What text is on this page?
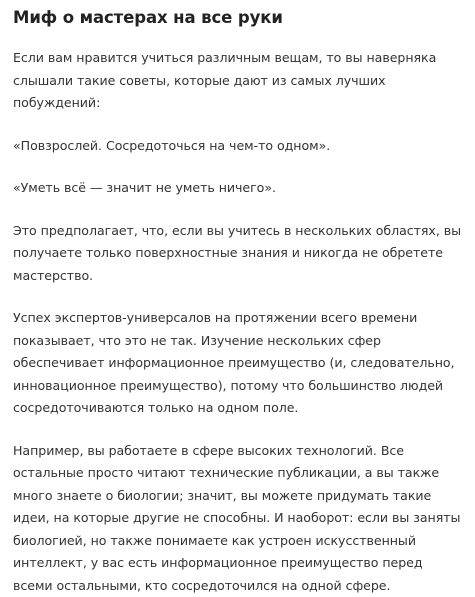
Миф о мастерах на все руки

Если вам нравится учиться различным вещам, то вы наверняка слышали такие советы, которые дают из самых лучших побуждений:

«Повзрослей. Сосредоточься на чем-то одном».

«Уметь всё — значит не уметь ничего».

Это предполагает, что, если вы учитесь в нескольких областях, вы получаете только поверхностные знания и никогда не обретете мастерство.

Успех экспертов-универсалов на протяжении всего времени показывает, что это не так. Изучение нескольких сфер обеспечивает информационное преимущество (и, следовательно, инновационное преимущество), потому что большинство людей сосредоточиваются только на одном поле.

Например, вы работаете в сфере высоких технологий. Все остальные просто читают технические публикации, а вы также много знаете о биологии; значит, вы можете придумать такие идеи, на которые другие не способны. И наоборот: если вы заняты биологией, но также понимаете как устроен искусственный интеллект, у вас есть информационное преимущество перед всеми остальными, кто сосредоточился на одной сфере.
